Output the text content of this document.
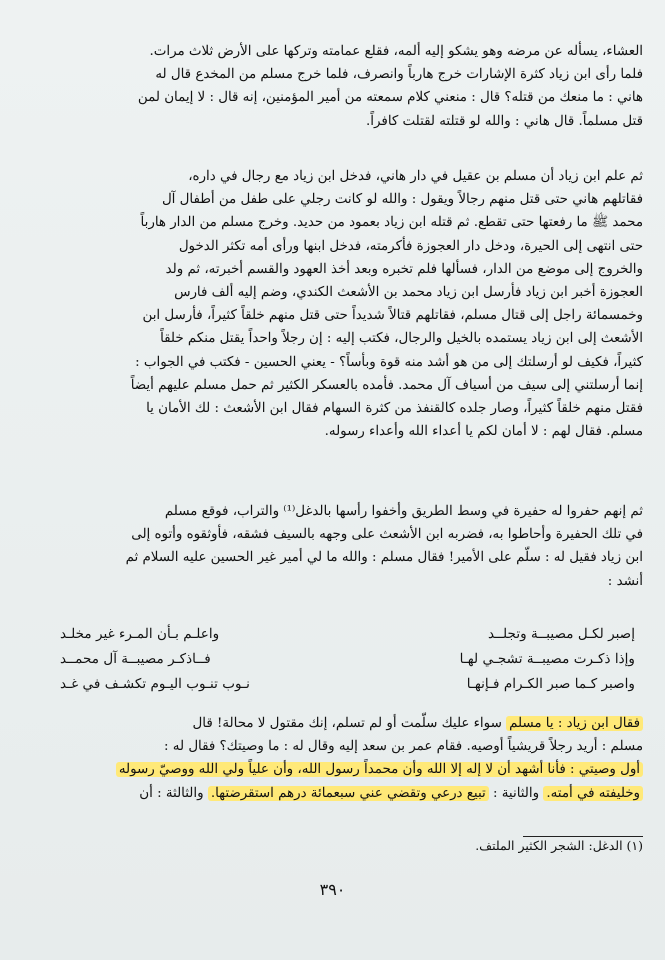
العشاء، يسأله عن مرضه وهو يشكو إليه ألمه، فقلع عمامته وتركها على الأرض ثلاث مرات.
فلما رأى ابن زياد كثرة الإشارات خرج هارباً وانصرف، فلما خرج مسلم من المخدع قال له
هاني : ما منعك من قتله؟ قال : منعني كلام سمعته من أمير المؤمنين، إنه قال : لا إيمان لمن
قتل مسلماً. قال هاني : والله لو قتلته لقتلت كافراً.

ثم علم ابن زياد أن مسلم بن عقيل في دار هاني، فدخل ابن زياد مع رجال في داره،
فقاتلهم هاني حتى قتل منهم رجالاً ويقول : والله لو كانت رجلي على طفل من أطفال آل
محمد ﷺ ما رفعتها حتى تقطع. ثم قتله ابن زياد بعمود من حديد. وخرج مسلم من الدار هارباً
حتى انتهى إلى الحيرة، ودخل دار العجوزة فأكرمته، فدخل ابنها ورأى أمه تكثر الدخول
والخروج إلى موضع من الدار، فسألها فلم تخبره وبعد أخذ العهود والقسم أخبرته، ثم ولد
العجوزة أخبر ابن زياد فأرسل ابن زياد محمد بن الأشعث الكندي، وضم إليه ألف فارس
وخمسمائة راجل إلى قتال مسلم، فقاتلهم قتالاً شديداً حتى قتل منهم خلقاً كثيراً، فأرسل ابن
الأشعث إلى ابن زياد يستمده بالخيل والرجال، فكتب إليه : إن رجلاً واحداً يقتل منكم خلقاً
كثيراً، فكيف لو أرسلتك إلى من هو أشد منه قوة وبأساً؟ - يعني الحسين - فكتب في الجواب :
إنما أرسلتني إلى سيف من أسياف آل محمد. فأمده بالعسكر الكثير ثم حمل مسلم عليهم أيضاً
فقتل منهم خلقاً كثيراً، وصار جلده كالقنفذ من كثرة السهام فقال ابن الأشعث : لك الأمان يا
مسلم. فقال لهم : لا أمان لكم يا أعداء الله وأعداء رسوله.

ثم إنهم حفروا له حفيرة في وسط الطريق وأخفوا رأسها بالدغل⁽¹⁾ والتراب، فوقع مسلم
في تلك الحفيرة وأحاطوا به، فضربه ابن الأشعث على وجهه بالسيف فشقه، فأوثقوه وأتوه إلى
ابن زياد فقيل له : سلّم على الأمير! فقال مسلم : والله ما لي أمير غير الحسين عليه السلام ثم
أنشد :

إصبر لكـل مصيبــة وتجلــد
واعلـم بـأن المـرء غير مخلـد
وإذا ذكـرت مصيبــة تشجـي لهـا
فــاذكـر مصيبــة آل محمــد
واصبر كـما صبر الكـرام فـإنهـا
نـوب تنـوب اليـوم تكشـف في غـد

فقال ابن زياد : يا مسلم سواء عليك سلّمت أو لم تسلم، إنك مقتول لا محالة! قال
مسلم : أريد رجلاً قريشياً أوصيه. فقام عمر بن سعد إليه وقال له : ما وصيتك؟ فقال له :
أول وصيتي : فأنا أشهد أن لا إله إلا الله وأن محمداً رسول الله، وأن علياً ولي الله ووصيّ رسوله
وخليفته في أمته. والثانية : تبيع درعي وتقضي عني سبعمائة درهم استقرضتها. والثالثة : أن

(١) الدغل: الشجر الكثير الملتف.
٣٩٠
